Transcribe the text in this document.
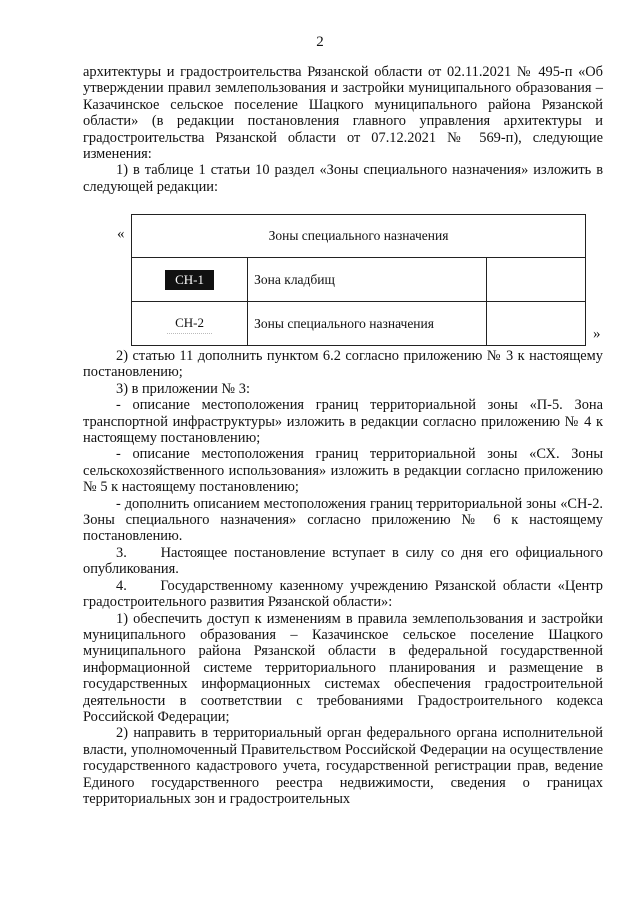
2

архитектуры и градостроительства Рязанской области от 02.11.2021 № 495-п «Об утверждении правил землепользования и застройки муниципального образования – Казачинское сельское поселение Шацкого муниципального района Рязанской области» (в редакции постановления главного управления архитектуры и градостроительства Рязанской области от 07.12.2021 № 569-п), следующие изменения:

1) в таблице 1 статьи 10 раздел «Зоны специального назначения» изложить в следующей редакции:

«	Зоны специального назначения		
СН-1	Зона кладбищ	
СН-2	Зоны специального назначения	
»

2) статью 11 дополнить пунктом 6.2 согласно приложению № 3 к настоящему постановлению;

3) в приложении № 3:

- описание местоположения границ территориальной зоны «П-5. Зона транспортной инфраструктуры» изложить в редакции согласно приложению № 4 к настоящему постановлению;

- описание местоположения границ территориальной зоны «СХ. Зоны сельскохозяйственного использования» изложить в редакции согласно приложению № 5 к настоящему постановлению;

- дополнить описанием местоположения границ территориальной зоны «СН-2. Зоны специального назначения» согласно приложению № 6 к настоящему постановлению.

3.     Настоящее постановление вступает в силу со дня его официального опубликования.

4.     Государственному казенному учреждению Рязанской области «Центр градостроительного развития Рязанской области»:

1) обеспечить доступ к изменениям в правила землепользования и застройки муниципального образования – Казачинское сельское поселение Шацкого муниципального района Рязанской области в федеральной государственной информационной системе территориального планирования и размещение в государственных информационных системах обеспечения градостроительной деятельности в соответствии с требованиями Градостроительного кодекса Российской Федерации;

2) направить в территориальный орган федерального органа исполнительной власти, уполномоченный Правительством Российской Федерации на осуществление государственного кадастрового учета, государственной регистрации прав, ведение Единого государственного реестра недвижимости, сведения о границах территориальных зон и градостроительных
